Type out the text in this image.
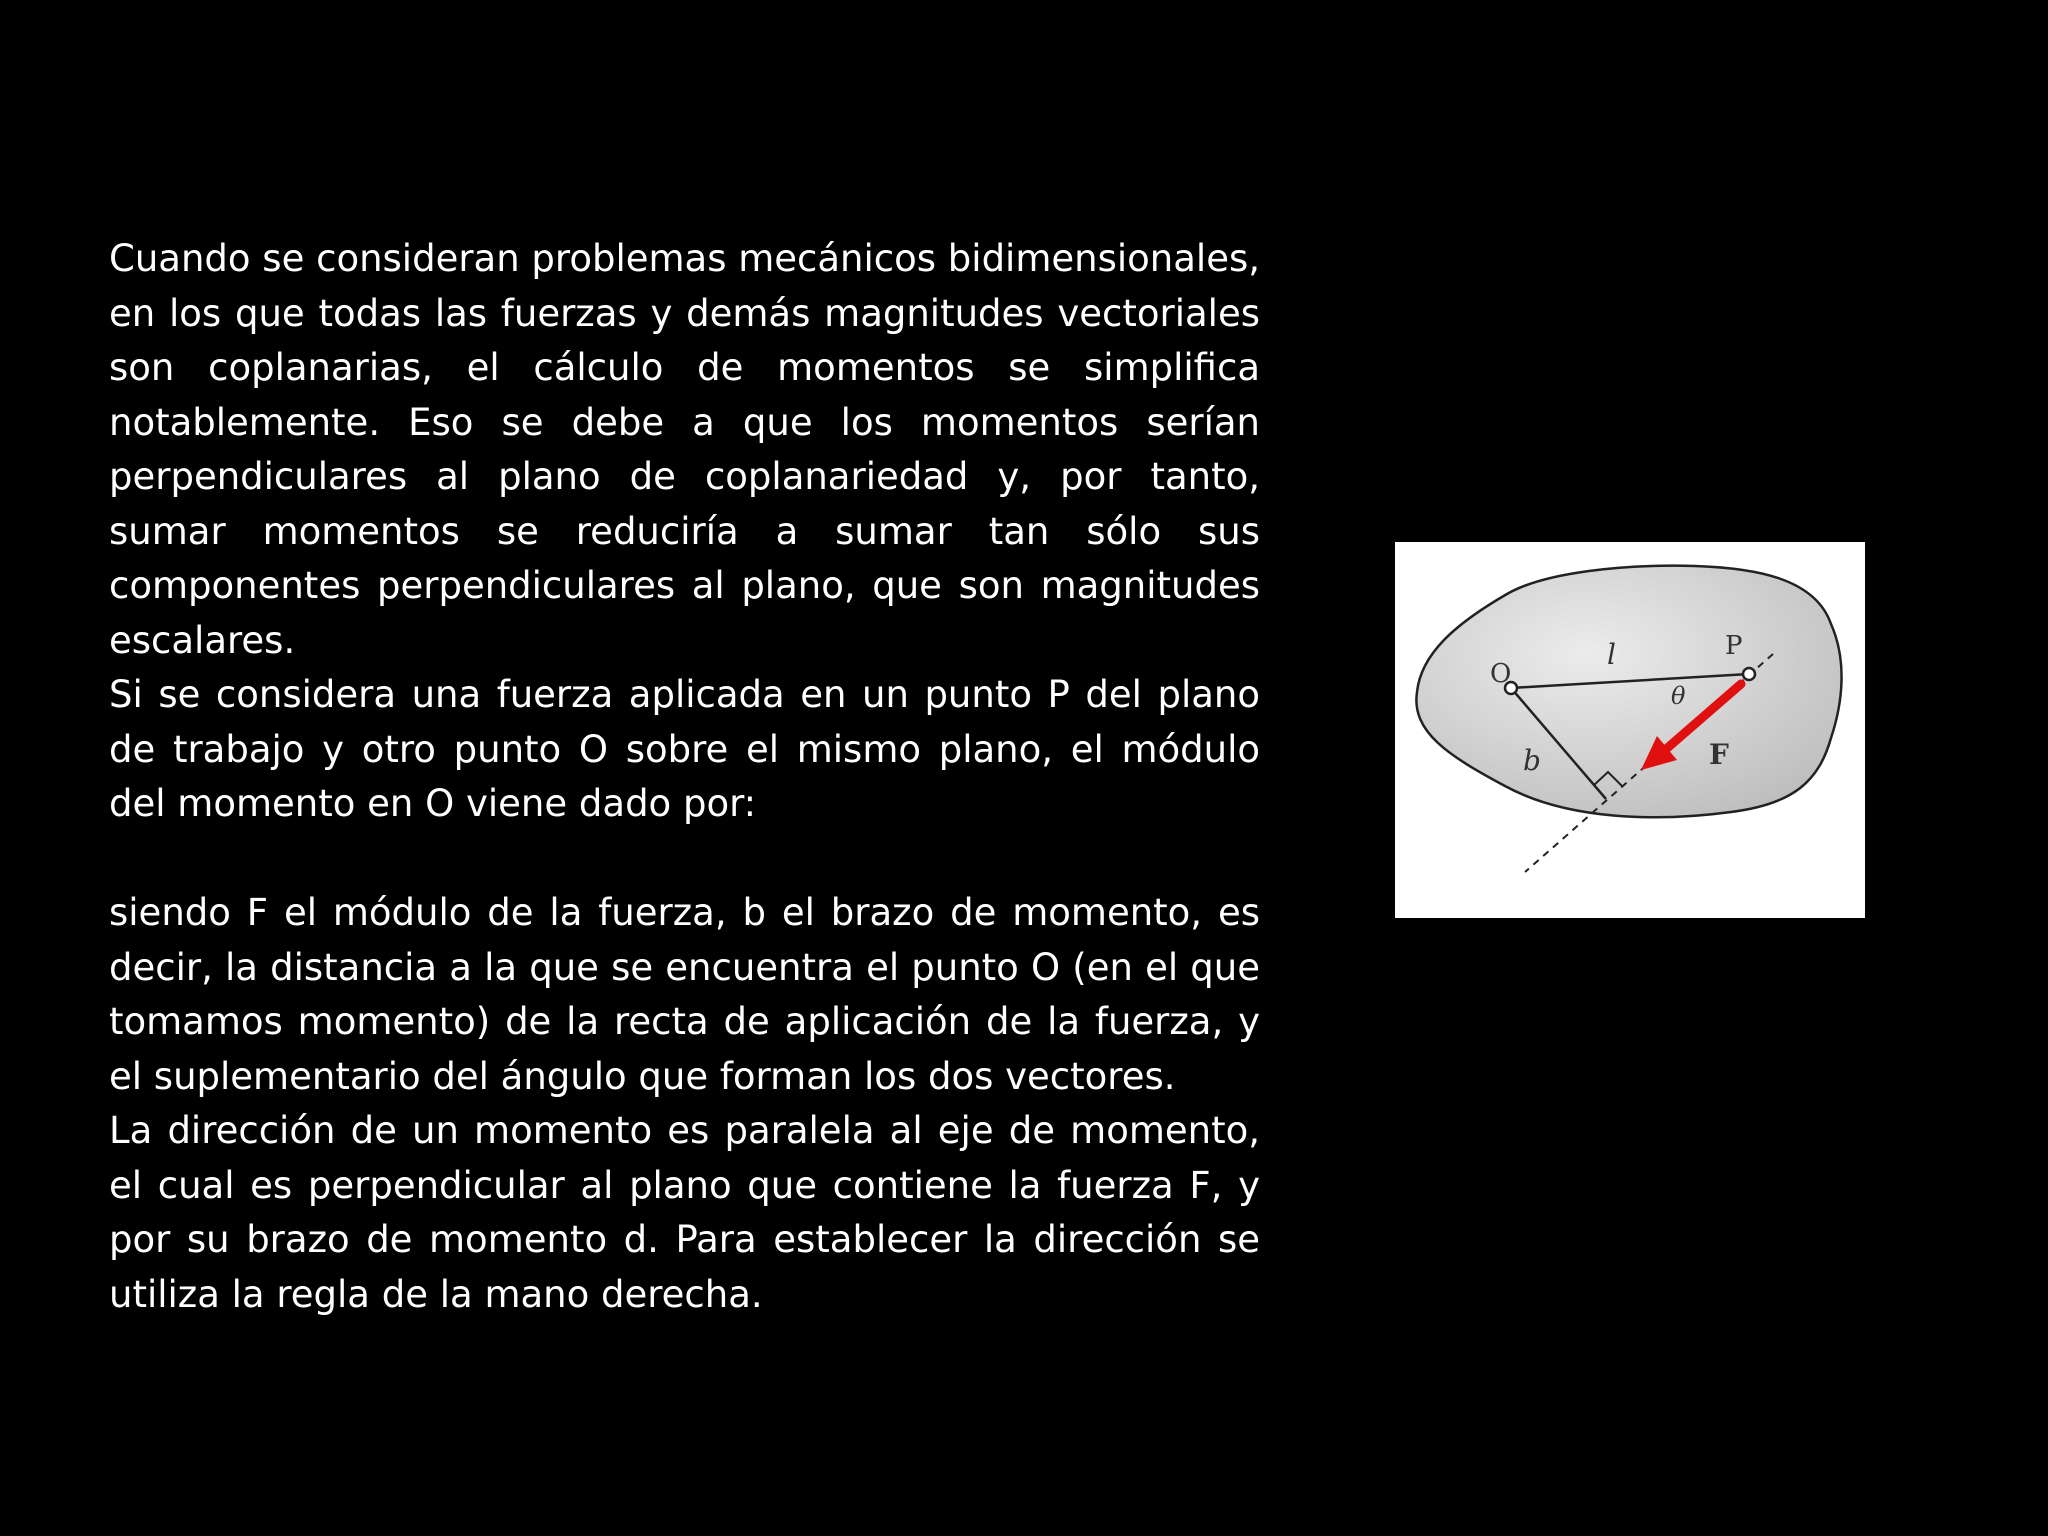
Cuando se consideran problemas mecánicos bidimensionales, en los que todas las fuerzas y demás magnitudes vectoriales son coplanarias, el cálculo de momentos se simplifica notablemente. Eso se debe a que los momentos serían perpendiculares al plano de coplanariedad y, por tanto, sumar momentos se reduciría a sumar tan sólo sus componentes perpendiculares al plano, que son magnitudes escalares.

Si se considera una fuerza aplicada en un punto P del plano de trabajo y otro punto O sobre el mismo plano, el módulo del momento en O viene dado por:

siendo F el módulo de la fuerza, b el brazo de momento, es decir, la distancia a la que se encuentra el punto O (en el que tomamos momento) de la recta de aplicación de la fuerza, y el suplementario del ángulo que forman los dos vectores.

La dirección de un momento es paralela al eje de momento, el cual es perpendicular al plano que contiene la fuerza F, y por su brazo de momento d. Para establecer la dirección se utiliza la regla de la mano derecha.

O
P
l
θ
b	F
